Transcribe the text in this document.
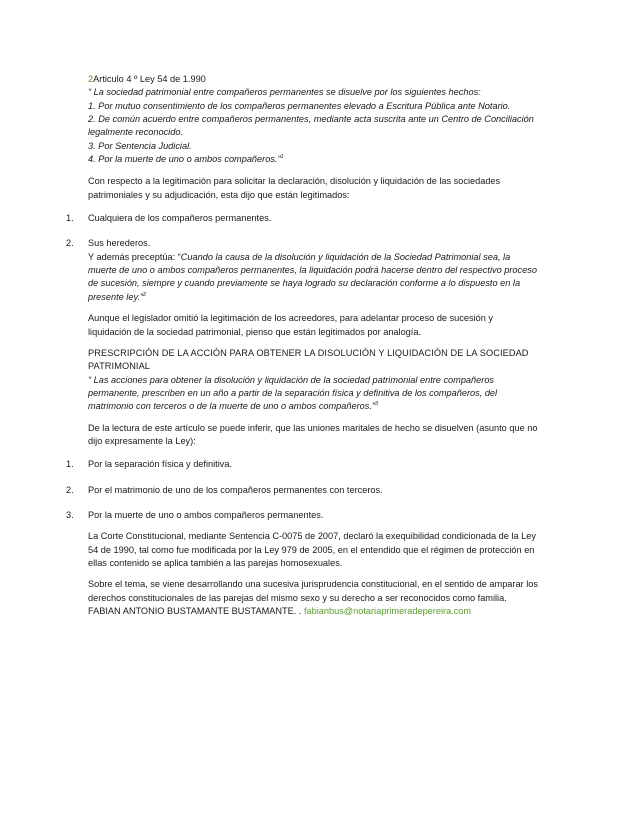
2Articulo 4 º Ley 54 de 1.990
“ La sociedad patrimonial entre compañeros permanentes se disuelve por los siguientes hechos:
1. Por mutuo consentimiento de los compañeros permanentes elevado a Escritura Pública ante Notario.
2. De común acuerdo entre compañeros permanentes, mediante acta suscrita ante un Centro de Conciliación
legalmente reconocido.
3. Por Sentencia Judicial.
4. Por la muerte de uno o ambos compañeros.”$^1$
Con respecto a la legitimación para solicitar la declaración, disolución y liquidación de las sociedades
patrimoniales y su adjudicación, esta dijo que están legitimados:
1. Cualquiera de los compañeros permanentes.
2. Sus herederos.
Y además preceptúa: “Cuando la causa de la disolución y liquidación de la Sociedad Patrimonial sea, la
muerte de uno o ambos compañeros permanentes, la liquidación podrá hacerse dentro del respectivo proceso
de sucesión, siempre y cuando previamente se haya logrado su declaración conforme a lo dispuesto en la
presente ley.”$^2$
Aunque el legislador omitió la legitimación de los acreedores, para adelantar proceso de sucesión y
liquidación de la sociedad patrimonial, pienso que están legitimados por analogía.
PRESCRIPCIÓN DE LA ACCIÓN PARA OBTENER LA DISOLUCIÓN Y LIQUIDACIÓN DE LA SOCIEDAD
PATRIMONIAL
“ Las acciones para obtener la disolución y liquidación de la sociedad patrimonial entre compañeros
permanente, prescriben en un año a partir de la separación física y definitiva de los compañeros, del
matrimonio con terceros o de la muerte de uno o ambos compañeros.”$^3$
De la lectura de este artículo se puede inferir, que las uniones maritales de hecho se disuelven (asunto que no
dijo expresamente la Ley):
1. Por la separación física y definitiva.
2. Por el matrimonio de uno de los compañeros permanentes con terceros.
3. Por la muerte de uno o ambos compañeros permanentes.
La Corte Constitucional, mediante Sentencia C-0075 de 2007, declaró la exequibilidad condicionada de la Ley
54 de 1990, tal como fue modificada por la Ley 979 de 2005, en el entendido que el régimen de protección en
ellas contenido se aplica también a las parejas homosexuales.
Sobre el tema, se viene desarrollando una sucesiva jurisprudencia constitucional, en el sentido de amparar los
derechos constitucionales de las parejas del mismo sexo y su derecho a ser reconocidos como familia.
FABIAN ANTONIO BUSTAMANTE BUSTAMANTE. . fabianbus@notariaprimeradepereira.com
